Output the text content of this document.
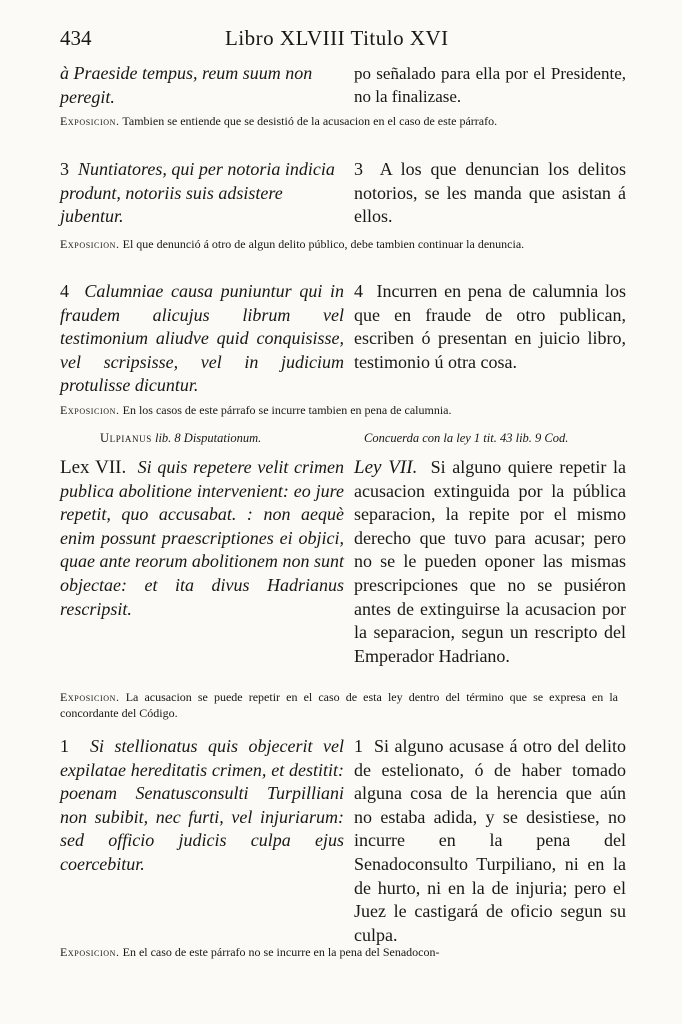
434	Libro XLVIII Titulo XVI

à Praeside tempus, reum suum non peregit.

po señalado para ella por el Presidente, no la finalizase.

Exposicion. Tambien se entiende que se desistió de la acusacion en el caso de este párrafo.

3 Nuntiatores, qui per notoria indicia produnt, notoriis suis adsistere jubentur.

3 A los que denuncian los delitos notorios, se les manda que asistan á ellos.

Exposicion. El que denunció á otro de algun delito público, debe tambien continuar la denuncia.

4 Calumniae causa puniuntur qui in fraudem alicujus librum vel testimonium aliudve quid conquisisse, vel scripsisse, vel in judicium protulisse dicuntur.

4 Incurren en pena de calumnia los que en fraude de otro publican, escriben ó presentan en juicio libro, testimonio ú otra cosa.

Exposicion. En los casos de este párrafo se incurre tambien en pena de calumnia.
Ulpianus lib. 8 Disputationum.	Concuerda con la ley 1 tit. 43 lib. 9 Cod.

Lex VII. Si quis repetere velit crimen publica abolitione intervenient: eo jure repetit, quo accusabat. : non aequè enim possunt praescriptiones ei objici, quae ante reorum abolitionem non sunt objectae: et ita divus Hadrianus rescripsit.

Ley VII. Si alguno quiere repetir la acusacion extinguida por la pública separacion, la repite por el mismo derecho que tuvo para acusar; pero no se le pueden oponer las mismas prescripciones que no se pusiéron antes de extinguirse la acusacion por la separacion, segun un rescripto del Emperador Hadriano.

Exposicion. La acusacion se puede repetir en el caso de esta ley dentro del término que se expresa en la concordante del Código.

1 Si stellionatus quis objecerit vel expilatae hereditatis crimen, et destitit: poenam Senatusconsulti Turpilliani non subibit, nec furti, vel injuriarum: sed officio judicis culpa ejus coercebitur.

1 Si alguno acusase á otro del delito de estelionato, ó de haber tomado alguna cosa de la herencia que aún no estaba adida, y se desistiese, no incurre en la pena del Senadoconsulto Turpiliano, ni en la de hurto, ni en la de injuria; pero el Juez le castigará de oficio segun su culpa.

Exposicion. En el caso de este párrafo no se incurre en la pena del Senadocon-
